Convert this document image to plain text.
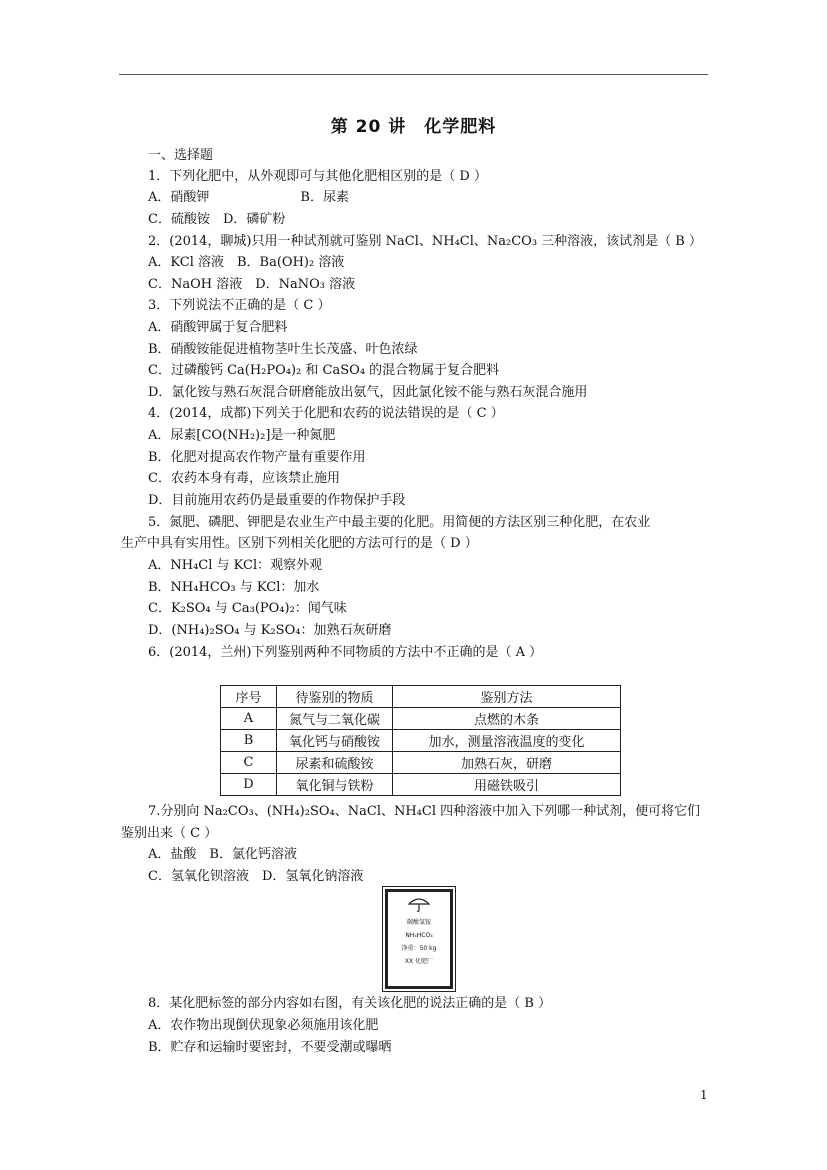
第 20 讲　化学肥料
一、选择题
1．下列化肥中，从外观即可与其他化肥相区别的是（ D ）
A．硝酸钾　　　　　　　B．尿素
C．硫酸铵　D．磷矿粉
2．(2014，聊城)只用一种试剂就可鉴别 NaCl、NH₄Cl、Na₂CO₃ 三种溶液，该试剂是（ B ）
A．KCl 溶液　B．Ba(OH)₂ 溶液
C．NaOH 溶液　D．NaNO₃ 溶液
3．下列说法不正确的是（ C ）
A．硝酸钾属于复合肥料
B．硝酸铵能促进植物茎叶生长茂盛、叶色浓绿
C．过磷酸钙 Ca(H₂PO₄)₂ 和 CaSO₄ 的混合物属于复合肥料
D．氯化铵与熟石灰混合研磨能放出氨气，因此氯化铵不能与熟石灰混合施用
4．(2014，成都)下列关于化肥和农药的说法错误的是（ C ）
A．尿素[CO(NH₂)₂]是一种氮肥
B．化肥对提高农作物产量有重要作用
C．农药本身有毒，应该禁止施用
D．目前施用农药仍是最重要的作物保护手段
5．氮肥、磷肥、钾肥是农业生产中最主要的化肥。用简便的方法区别三种化肥，在农业
生产中具有实用性。区别下列相关化肥的方法可行的是（ D ）
A．NH₄Cl 与 KCl：观察外观
B．NH₄HCO₃ 与 KCl：加水
C．K₂SO₄ 与 Ca₃(PO₄)₂：闻气味
D．(NH₄)₂SO₄ 与 K₂SO₄：加熟石灰研磨
6．(2014，兰州)下列鉴别两种不同物质的方法中不正确的是（ A ）
序号	待鉴别的物质	鉴别方法
A	氮气与二氧化碳	点燃的木条
B	氧化钙与硝酸铵	加水，测量溶液温度的变化
C	尿素和硫酸铵	加熟石灰，研磨
D	氧化铜与铁粉	用磁铁吸引
7.分别向 Na₂CO₃、(NH₄)₂SO₄、NaCl、NH₄Cl 四种溶液中加入下列哪一种试剂，便可将它们
鉴别出来（ C ）
A．盐酸　B．氯化钙溶液
C．氢氧化钡溶液　D．氢氧化钠溶液
碳酸氢铵
NH₄HCO₃
净重：50 kg
XX 化肥厂
8．某化肥标签的部分内容如右图，有关该化肥的说法正确的是（ B ）
A．农作物出现倒伏现象必须施用该化肥
B．贮存和运输时要密封，不要受潮或曝晒
1
